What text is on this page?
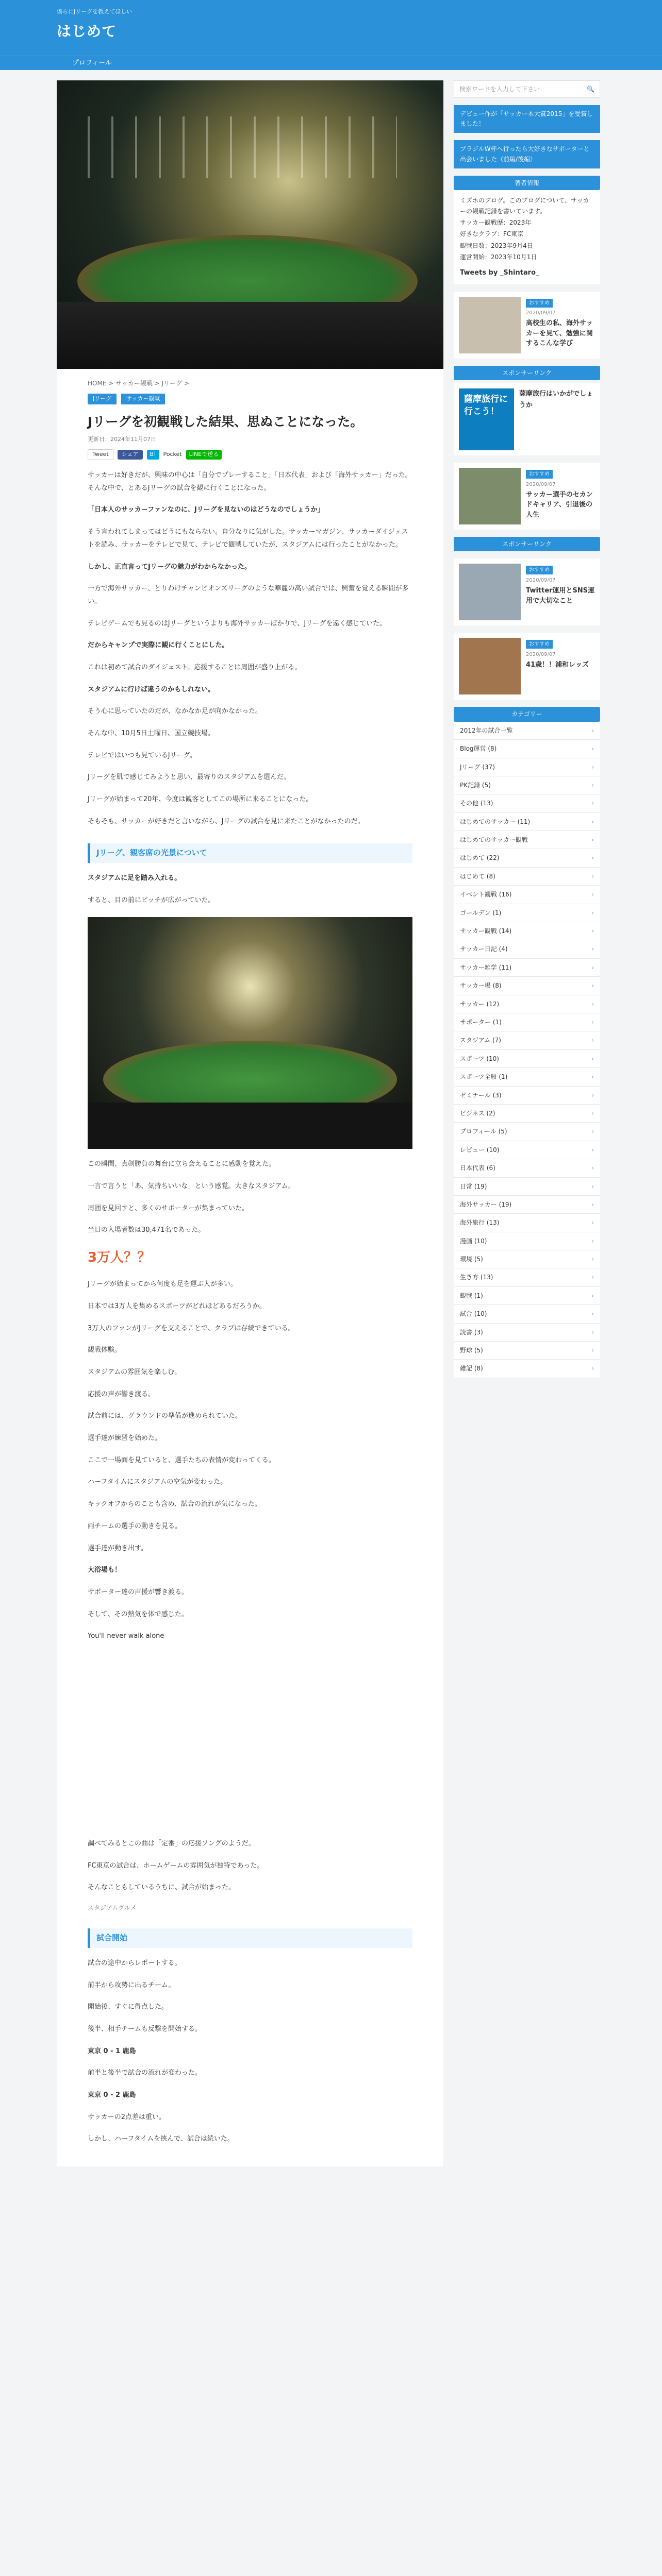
僕らにJリーグを教えてほしい
はじめて
プロフィール
HOME > サッカー観戦 > Jリーグ >
Jリーグ	サッカー観戦
Jリーグを初観戦した結果、思ぬことになった。
更新日：2024年11月07日
Tweet	シェア	B!	Pocket	LINEで送る

サッカーは好きだが、興味の中心は「自分でプレーすること」「日本代表」および「海外サッカー」だった。そんな中で、とあるJリーグの試合を観に行くことになった。

「日本人のサッカーファンなのに、Jリーグを見ないのはどうなのでしょうか」

そう言われてしまってはどうにもならない。自分なりに気がした。サッカーマガジン、サッカーダイジェストを読み、サッカーをテレビで見て、テレビで観戦していたが、スタジアムには行ったことがなかった。

しかし、正直言ってJリーグの魅力がわからなかった。

一方で海外サッカー、とりわけチャンピオンズリーグのような華麗の高い試合では、興奮を覚える瞬間が多い。

テレビゲームでも見るのはJリーグというよりも海外サッカーばかりで、Jリーグを遠く感じていた。

だからキャンプで実際に観に行くことにした。

これは初めて試合のダイジェスト。応援することは周囲が盛り上がる。

スタジアムに行けば違うのかもしれない。

そう心に思っていたのだが、なかなか足が向かなかった。

そんな中、10月5日土曜日、国立競技場。

テレビではいつも見ているJリーグ。

Jリーグを肌で感じてみようと思い、最寄りのスタジアムを選んだ。

Jリーグが始まって20年、今度は観客としてこの場所に来ることになった。

そもそも、サッカーが好きだと言いながら、Jリーグの試合を見に来たことがなかったのだ。

Jリーグ、観客席の光景について

スタジアムに足を踏み入れる。

すると、目の前にピッチが広がっていた。

この瞬間、真剣勝負の舞台に立ち会えることに感動を覚えた。

一言で言うと「あ、気持ちいいな」という感覚。大きなスタジアム。

周囲を見回すと、多くのサポーターが集まっていた。

当日の入場者数は30,471名であった。

3万人？？

Jリーグが始まってから何度も足を運ぶ人が多い。

日本では3万人を集めるスポーツがどれほどあるだろうか。

3万人のファンがJリーグを支えることで、クラブは存続できている。

観戦体験。

スタジアムの雰囲気を楽しむ。

応援の声が響き渡る。

試合前には、グラウンドの準備が進められていた。

選手達が練習を始めた。

ここで一場面を見ていると、選手たちの表情が変わってくる。

ハーフタイムにスタジアムの空気が変わった。

キックオフからのことも含め、試合の流れが気になった。

両チームの選手の動きを見る。

選手達が動き出す。

大浴場も！

サポーター達の声援が響き渡る。

そして、その熱気を体で感じた。

You'll never walk alone

調べてみるとこの曲は「定番」の応援ソングのようだ。

FC東京の試合は、ホームゲームの雰囲気が独特であった。

そんなこともしているうちに、試合が始まった。

スタジアムグルメ
試合開始

試合の途中からレポートする。

前半から攻勢に出るチーム。

開始後、すぐに得点した。

後半、相手チームも反撃を開始する。

東京 0 - 1 鹿島

前半と後半で試合の流れが変わった。

東京 0 - 2 鹿島

サッカーの2点差は重い。

しかし、ハーフタイムを挟んで、試合は続いた。

検索ワードを入力して下さい	🔍
デビュー作が「サッカー本大賞2015」を受賞しました！
ブラジルW杯へ行ったら大好きなサポーターと出会いました（前編/後編）
著者情報

ミズホのブログ。このブログについて、サッカーの観戦記録を書いています。

サッカー観戦歴：2023年

好きなクラブ：FC東京

観戦日数：2023年9月4日

運営開始：2023年10月1日

Tweets by _Shintaro_
おすすめ
2020/09/07
高校生の私、海外サッカーを見て、勉強に関するこんな学び
スポンサーリンク
薩摩旅行に行こう！
薩摩旅行はいかがでしょうか
おすすめ
2020/09/07
サッカー選手のセカンドキャリア、引退後の人生
スポンサーリンク
おすすめ
2020/09/07
Twitter運用とSNS運用で大切なこと
おすすめ
2020/09/07
41歳！！浦和レッズ
カテゴリー
2012年の試合一覧	›
Blog運営 (8)	›
Jリーグ (37)	›
PK記録 (5)	›
その他 (13)	›
はじめてのサッカー (11)	›
はじめてのサッカー観戦	›
はじめて (22)	›
はじめて (8)	›
イベント観戦 (16)	›
ゴールデン (1)	›
サッカー観戦 (14)	›
サッカー日記 (4)	›
サッカー雑学 (11)	›
サッカー場 (8)	›
サッカー (12)	›
サポーター (1)	›
スタジアム (7)	›
スポーツ (10)	›
スポーツ全般 (1)	›
ゼミナール (3)	›
ビジネス (2)	›
プロフィール (5)	›
レビュー (10)	›
日本代表 (6)	›
日常 (19)	›
海外サッカー (19)	›
海外旅行 (13)	›
漫画 (10)	›
環境 (5)	›
生き方 (13)	›
観戦 (1)	›
試合 (10)	›
読書 (3)	›
野球 (5)	›
雑記 (8)	›
